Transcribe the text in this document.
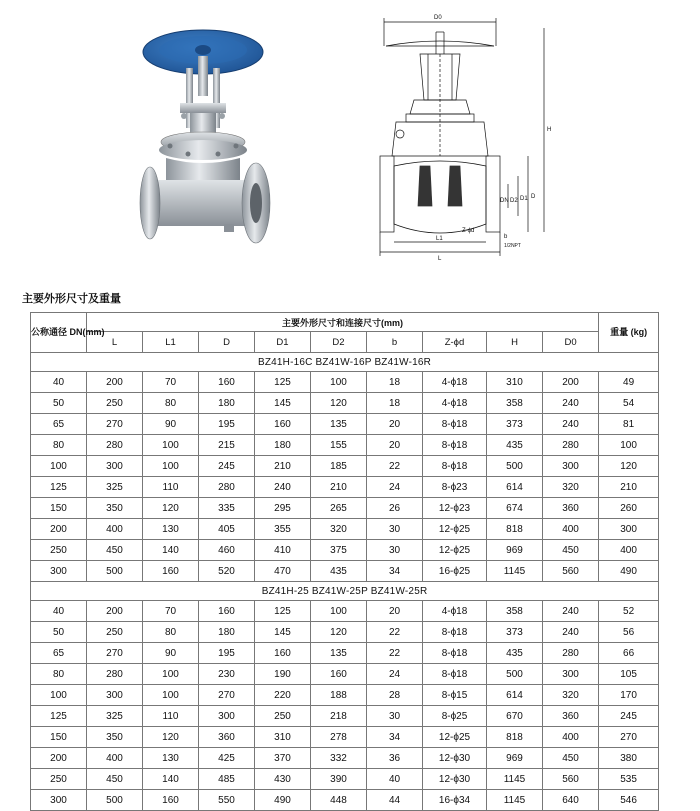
D0
H
D
D1
D2
DN
L1
L
Z-ϕd
b
1/2NPT
主要外形尺寸及重量
公称通径 DN(mm)	主要外形尺寸和连接尺寸(mm)									重量 (kg)
	L	L1	D	D1	D2	b	Z-ϕd	H	D0	
BZ41H-16C BZ41W-16P BZ41W-16R										
40	200	70	160	125	100	18	4-ϕ18	310	200	49
50	250	80	180	145	120	18	4-ϕ18	358	240	54
65	270	90	195	160	135	20	8-ϕ18	373	240	81
80	280	100	215	180	155	20	8-ϕ18	435	280	100
100	300	100	245	210	185	22	8-ϕ18	500	300	120
125	325	110	280	240	210	24	8-ϕ23	614	320	210
150	350	120	335	295	265	26	12-ϕ23	674	360	260
200	400	130	405	355	320	30	12-ϕ25	818	400	300
250	450	140	460	410	375	30	12-ϕ25	969	450	400
300	500	160	520	470	435	34	16-ϕ25	1145	560	490
BZ41H-25 BZ41W-25P BZ41W-25R										
40	200	70	160	125	100	20	4-ϕ18	358	240	52
50	250	80	180	145	120	22	8-ϕ18	373	240	56
65	270	90	195	160	135	22	8-ϕ18	435	280	66
80	280	100	230	190	160	24	8-ϕ18	500	300	105
100	300	100	270	220	188	28	8-ϕ15	614	320	170
125	325	110	300	250	218	30	8-ϕ25	670	360	245
150	350	120	360	310	278	34	12-ϕ25	818	400	270
200	400	130	425	370	332	36	12-ϕ30	969	450	380
250	450	140	485	430	390	40	12-ϕ30	1145	560	535
300	500	160	550	490	448	44	16-ϕ34	1145	640	546
